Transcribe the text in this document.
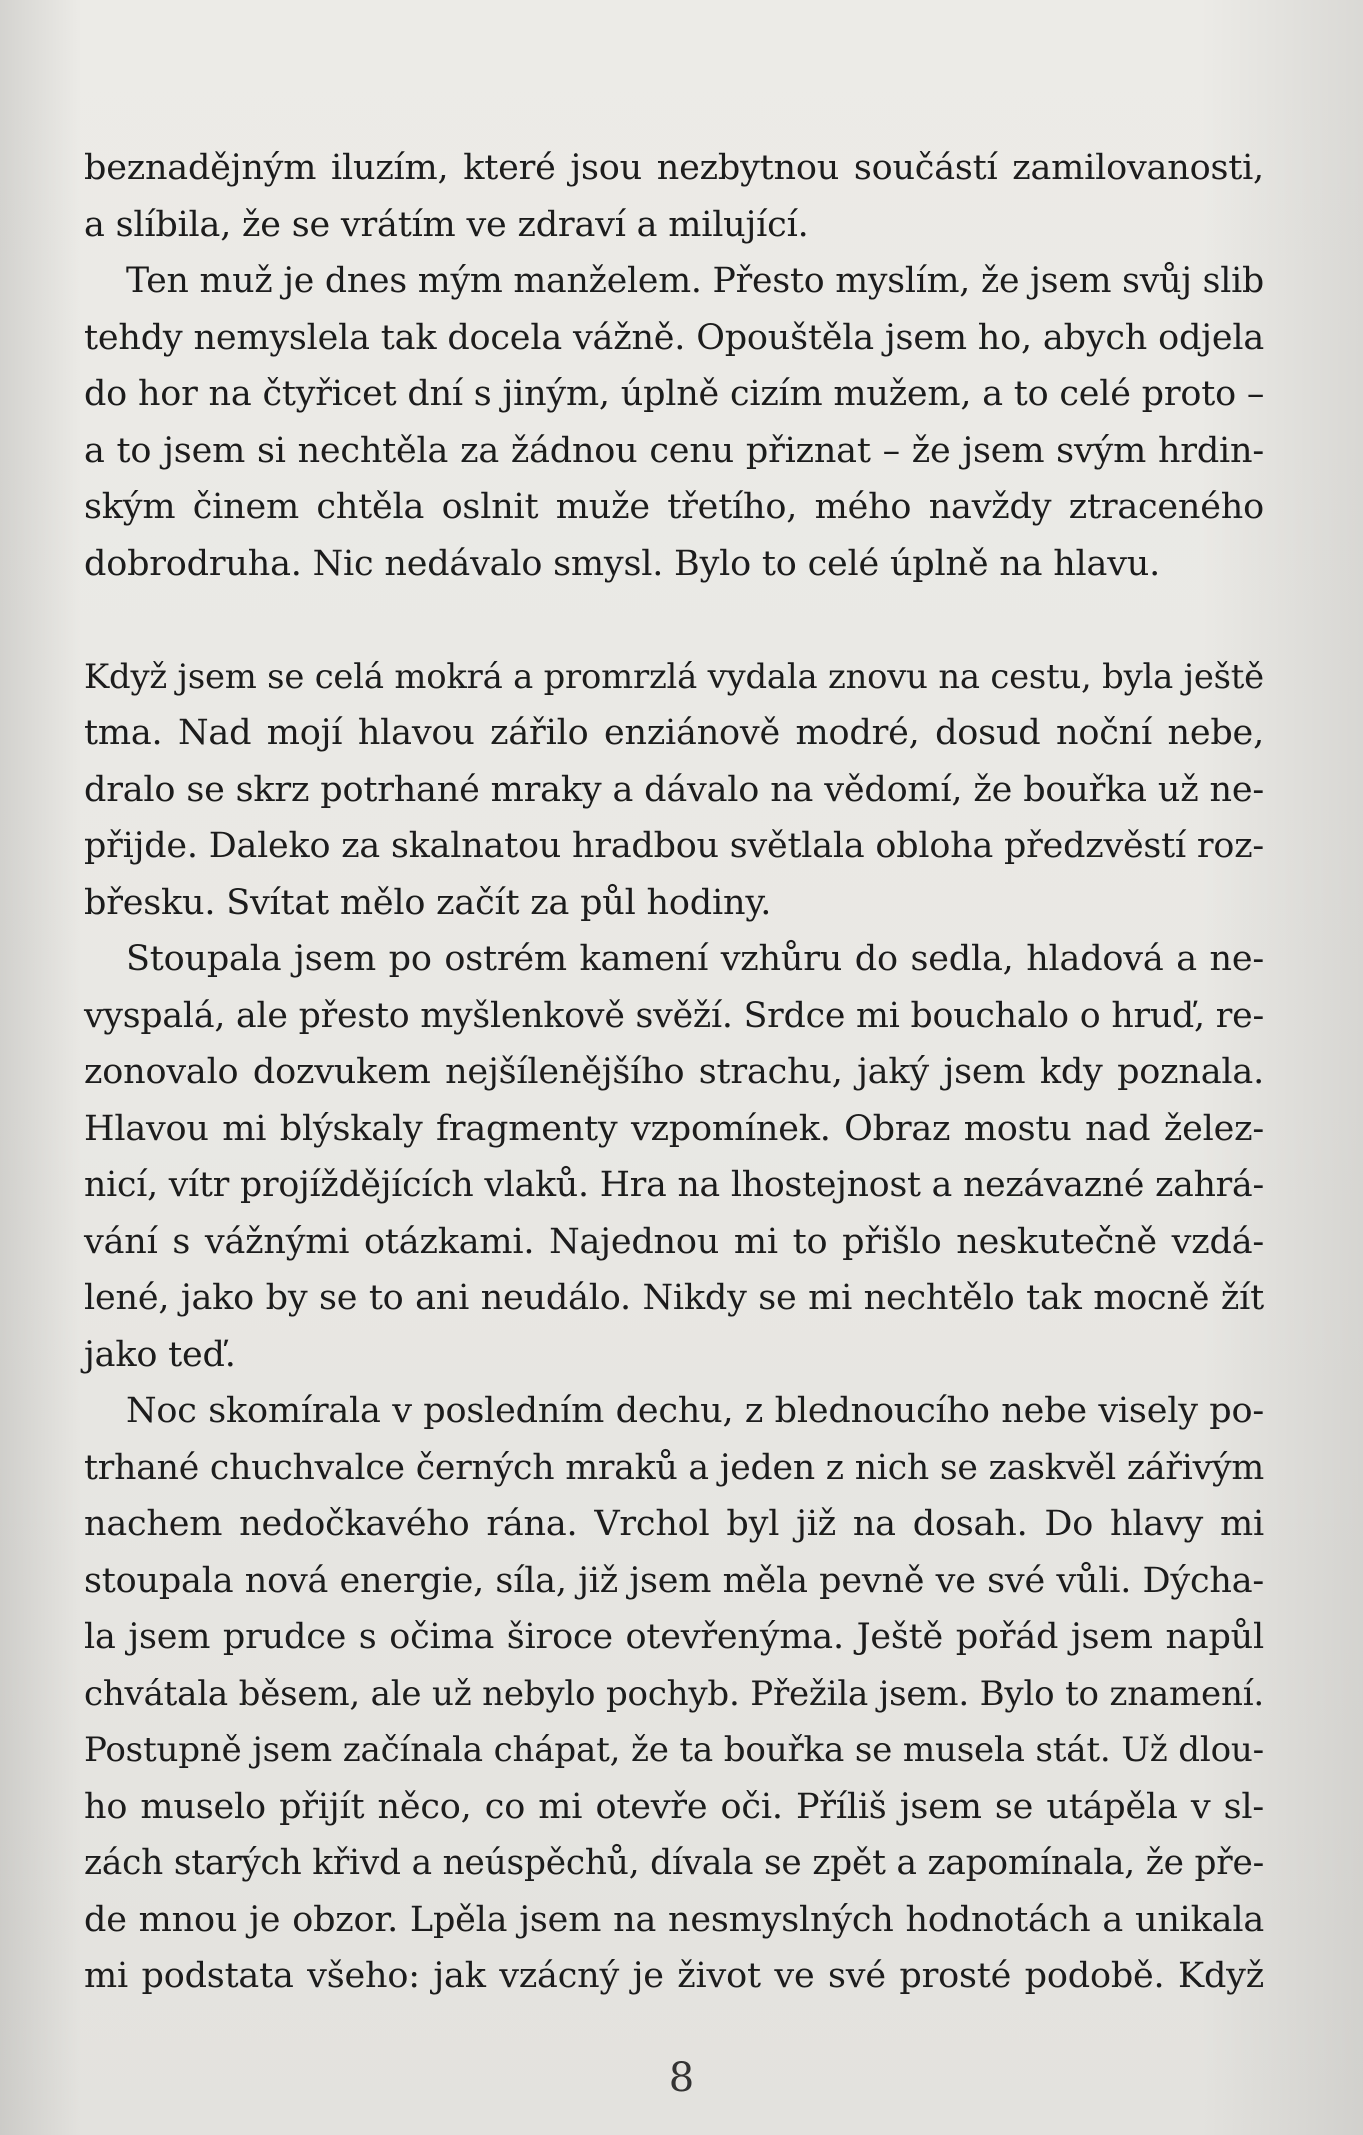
beznadějným iluzím, které jsou nezbytnou součástí zamilovanosti,
a slíbila, že se vrátím ve zdraví a milující.
Ten muž je dnes mým manželem. Přesto myslím, že jsem svůj slib
tehdy nemyslela tak docela vážně. Opouštěla jsem ho, abych odjela
do hor na čtyřicet dní s jiným, úplně cizím mužem, a to celé proto –
a to jsem si nechtěla za žádnou cenu přiznat – že jsem svým hrdin-
ským činem chtěla oslnit muže třetího, mého navždy ztraceného
dobrodruha. Nic nedávalo smysl. Bylo to celé úplně na hlavu.
Když jsem se celá mokrá a promrzlá vydala znovu na cestu, byla ještě
tma. Nad mojí hlavou zářilo enziánově modré, dosud noční nebe,
dralo se skrz potrhané mraky a dávalo na vědomí, že bouřka už ne-
přijde. Daleko za skalnatou hradbou světlala obloha předzvěstí roz-
břesku. Svítat mělo začít za půl hodiny.
Stoupala jsem po ostrém kamení vzhůru do sedla, hladová a ne-
vyspalá, ale přesto myšlenkově svěží. Srdce mi bouchalo o hruď, re-
zonovalo dozvukem nejšílenějšího strachu, jaký jsem kdy poznala.
Hlavou mi blýskaly fragmenty vzpomínek. Obraz mostu nad želez-
nicí, vítr projíždějících vlaků. Hra na lhostejnost a nezávazné zahrá-
vání s vážnými otázkami. Najednou mi to přišlo neskutečně vzdá-
lené, jako by se to ani neudálo. Nikdy se mi nechtělo tak mocně žít
jako teď.
Noc skomírala v posledním dechu, z blednoucího nebe visely po-
trhané chuchvalce černých mraků a jeden z nich se zaskvěl zářivým
nachem nedočkavého rána. Vrchol byl již na dosah. Do hlavy mi
stoupala nová energie, síla, již jsem měla pevně ve své vůli. Dýcha-
la jsem prudce s očima široce otevřenýma. Ještě pořád jsem napůl
chvátala běsem, ale už nebylo pochyb. Přežila jsem. Bylo to znamení.
Postupně jsem začínala chápat, že ta bouřka se musela stát. Už dlou-
ho muselo přijít něco, co mi otevře oči. Příliš jsem se utápěla v sl-
zách starých křivd a neúspěchů, dívala se zpět a zapomínala, že pře-
de mnou je obzor. Lpěla jsem na nesmyslných hodnotách a unikala
mi podstata všeho: jak vzácný je život ve své prosté podobě. Když
8
